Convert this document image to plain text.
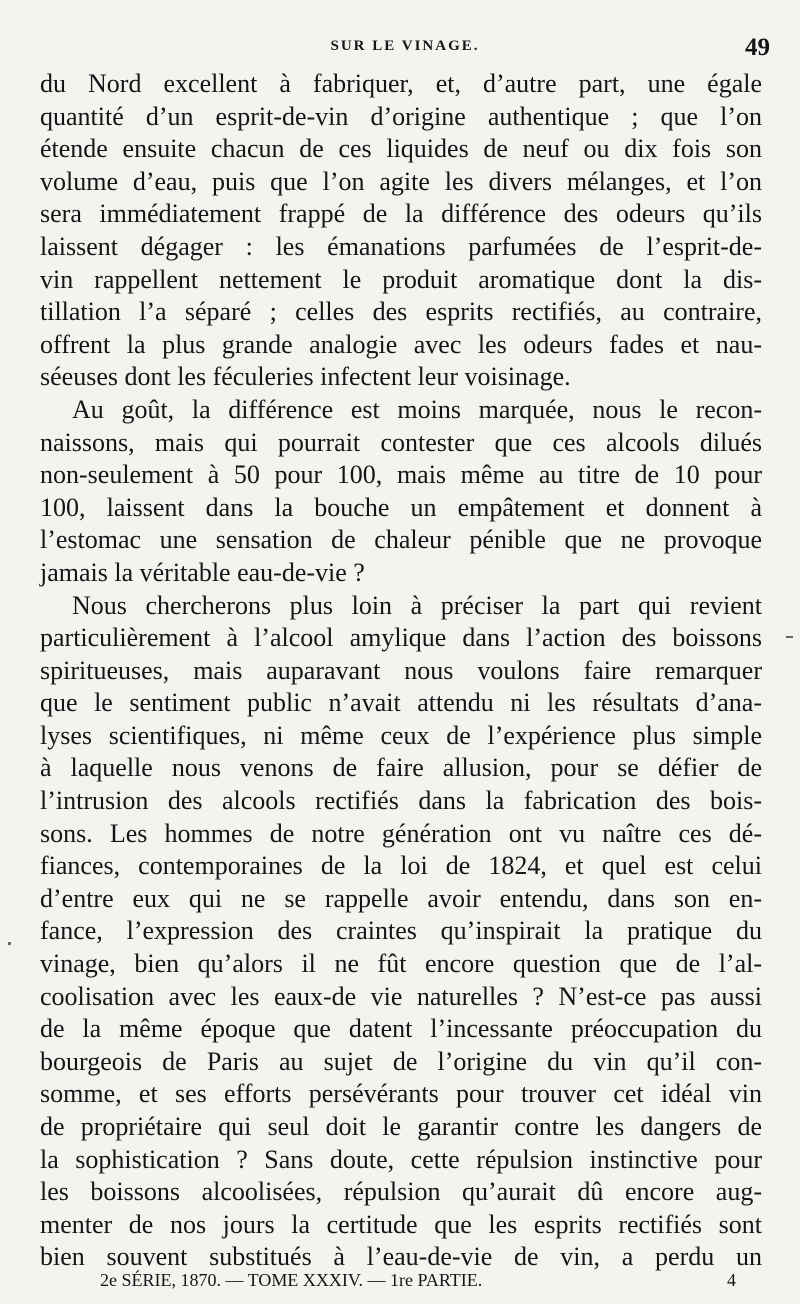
SUR LE VINAGE.	49
du Nord excellent à fabriquer, et, d’autre part, une égale
quantité d’un esprit-de-vin d’origine authentique ; que l’on
étende ensuite chacun de ces liquides de neuf ou dix fois son
volume d’eau, puis que l’on agite les divers mélanges, et l’on
sera immédiatement frappé de la différence des odeurs qu’ils
laissent dégager : les émanations parfumées de l’esprit-de-
vin rappellent nettement le produit aromatique dont la dis-
tillation l’a séparé ; celles des esprits rectifiés, au contraire,
offrent la plus grande analogie avec les odeurs fades et nau-
séeuses dont les féculeries infectent leur voisinage.
Au goût, la différence est moins marquée, nous le recon-
naissons, mais qui pourrait contester que ces alcools dilués
non-seulement à 50 pour 100, mais même au titre de 10 pour
100, laissent dans la bouche un empâtement et donnent à
l’estomac une sensation de chaleur pénible que ne provoque
jamais la véritable eau-de-vie ?
Nous chercherons plus loin à préciser la part qui revient
particulièrement à l’alcool amylique dans l’action des boissons
spiritueuses, mais auparavant nous voulons faire remarquer
que le sentiment public n’avait attendu ni les résultats d’ana-
lyses scientifiques, ni même ceux de l’expérience plus simple
à laquelle nous venons de faire allusion, pour se défier de
l’intrusion des alcools rectifiés dans la fabrication des bois-
sons. Les hommes de notre génération ont vu naître ces dé-
fiances, contemporaines de la loi de 1824, et quel est celui
d’entre eux qui ne se rappelle avoir entendu, dans son en-
fance, l’expression des craintes qu’inspirait la pratique du
vinage, bien qu’alors il ne fût encore question que de l’al-
coolisation avec les eaux-de vie naturelles ? N’est-ce pas aussi
de la même époque que datent l’incessante préoccupation du
bourgeois de Paris au sujet de l’origine du vin qu’il con-
somme, et ses efforts persévérants pour trouver cet idéal vin
de propriétaire qui seul doit le garantir contre les dangers de
la sophistication ? Sans doute, cette répulsion instinctive pour
les boissons alcoolisées, répulsion qu’aurait dû encore aug-
menter de nos jours la certitude que les esprits rectifiés sont
bien souvent substitués à l’eau-de-vie de vin, a perdu un
2e SÉRIE, 1870. — TOME XXXIV. — 1re PARTIE.	4
